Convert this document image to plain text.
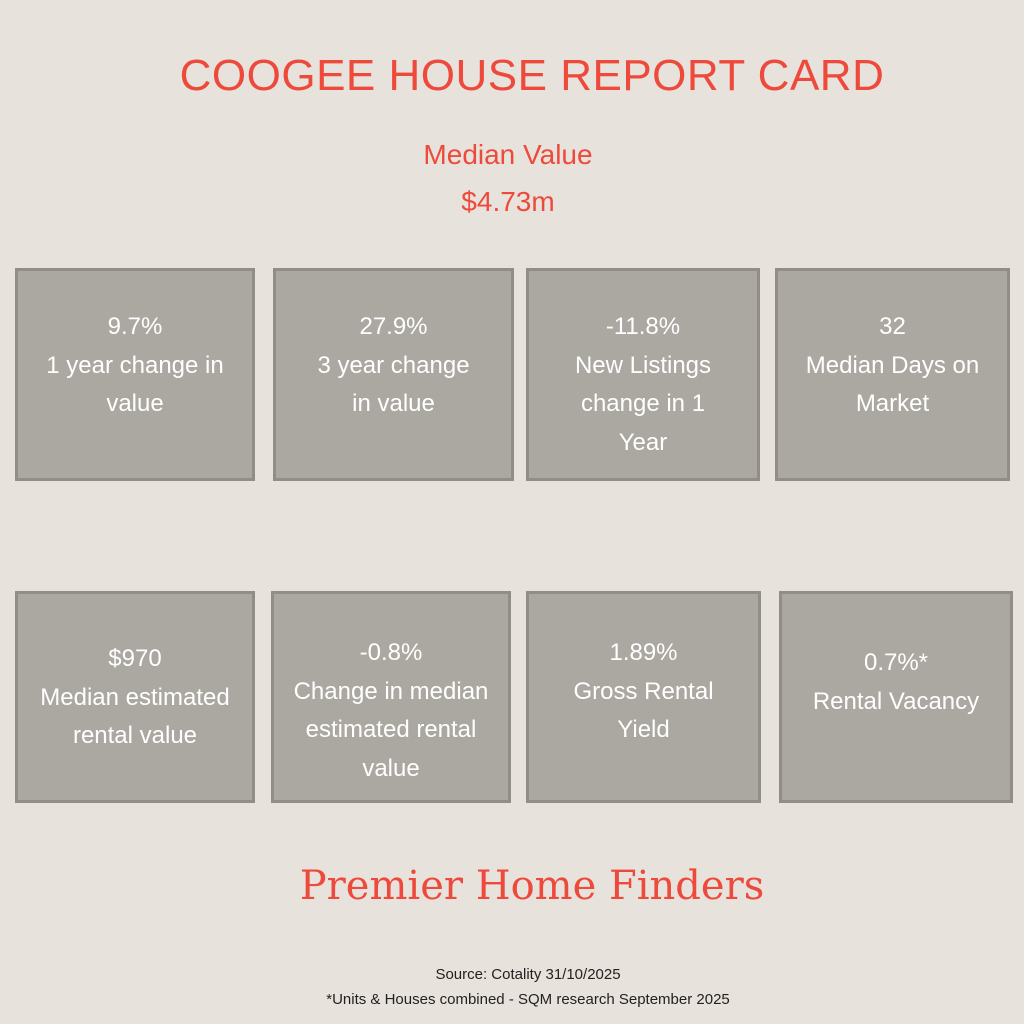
COOGEE HOUSE REPORT CARD
Median Value
$4.73m
9.7%
1 year change in
value
27.9%
3 year change
in value
-11.8%
New Listings
change in 1
Year
32
Median Days on
Market
$970
Median estimated
rental value
-0.8%
Change in median
estimated rental
value
1.89%
Gross Rental
Yield
0.7%*
Rental Vacancy
Premier Home Finders
Source: Cotality 31/10/2025
*Units & Houses combined - SQM research September 2025
